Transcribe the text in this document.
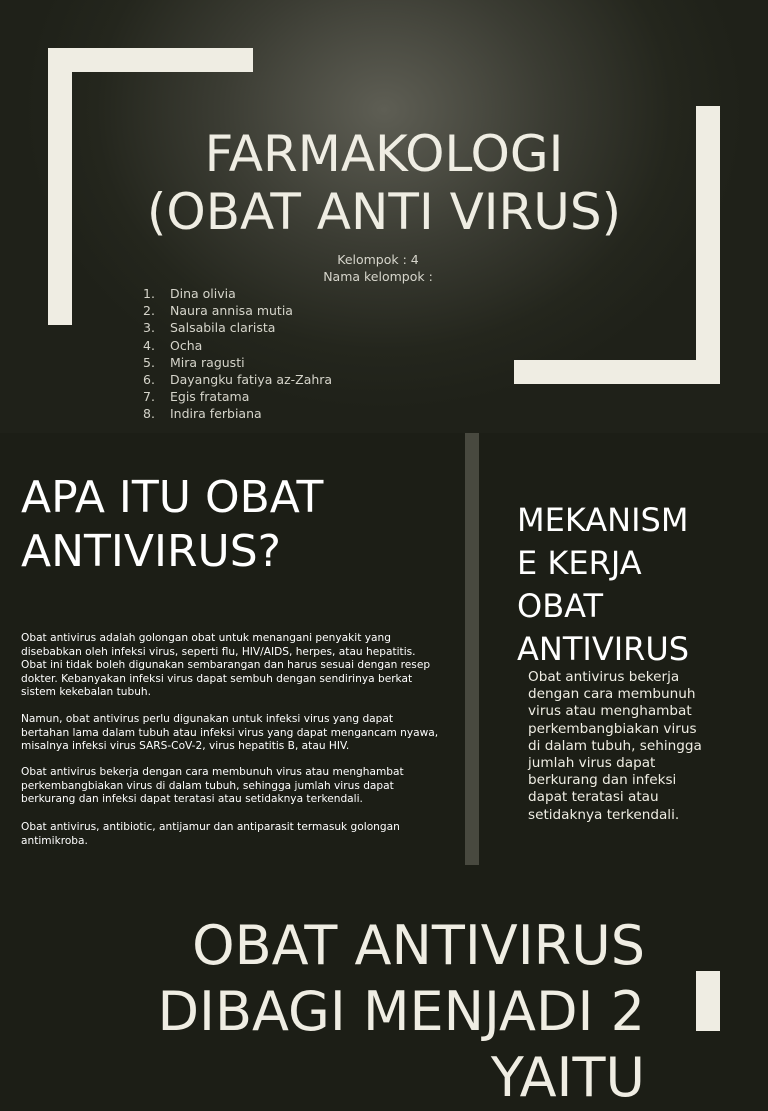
FARMAKOLOGI
(OBAT ANTI VIRUS)
Kelompok : 4
Nama kelompok :
1. Dina olivia
2. Naura annisa mutia
3. Salsabila clarista
4. Ocha
5. Mira ragusti
6. Dayangku fatiya az-Zahra
7. Egis fratama
8. Indira ferbiana
APA ITU OBAT
ANTIVIRUS?

Obat antivirus adalah golongan obat untuk menangani penyakit yang disebabkan oleh infeksi virus, seperti flu, HIV/AIDS, herpes, atau hepatitis. Obat ini tidak boleh digunakan sembarangan dan harus sesuai dengan resep dokter. Kebanyakan infeksi virus dapat sembuh dengan sendirinya berkat sistem kekebalan tubuh.

Namun, obat antivirus perlu digunakan untuk infeksi virus yang dapat bertahan lama dalam tubuh atau infeksi virus yang dapat mengancam nyawa, misalnya infeksi virus SARS-CoV-2, virus hepatitis B, atau HIV.

Obat antivirus bekerja dengan cara membunuh virus atau menghambat perkembangbiakan virus di dalam tubuh, sehingga jumlah virus dapat berkurang dan infeksi dapat teratasi atau setidaknya terkendali.

Obat antivirus, antibiotic, antijamur dan antiparasit termasuk golongan antimikroba.

MEKANISM
E KERJA
OBAT
ANTIVIRUS
Obat antivirus bekerja
dengan cara membunuh
virus atau menghambat
perkembangbiakan virus
di dalam tubuh, sehingga
jumlah virus dapat
berkurang dan infeksi
dapat teratasi atau
setidaknya terkendali.
OBAT ANTIVIRUS
DIBAGI MENJADI 2
YAITU
